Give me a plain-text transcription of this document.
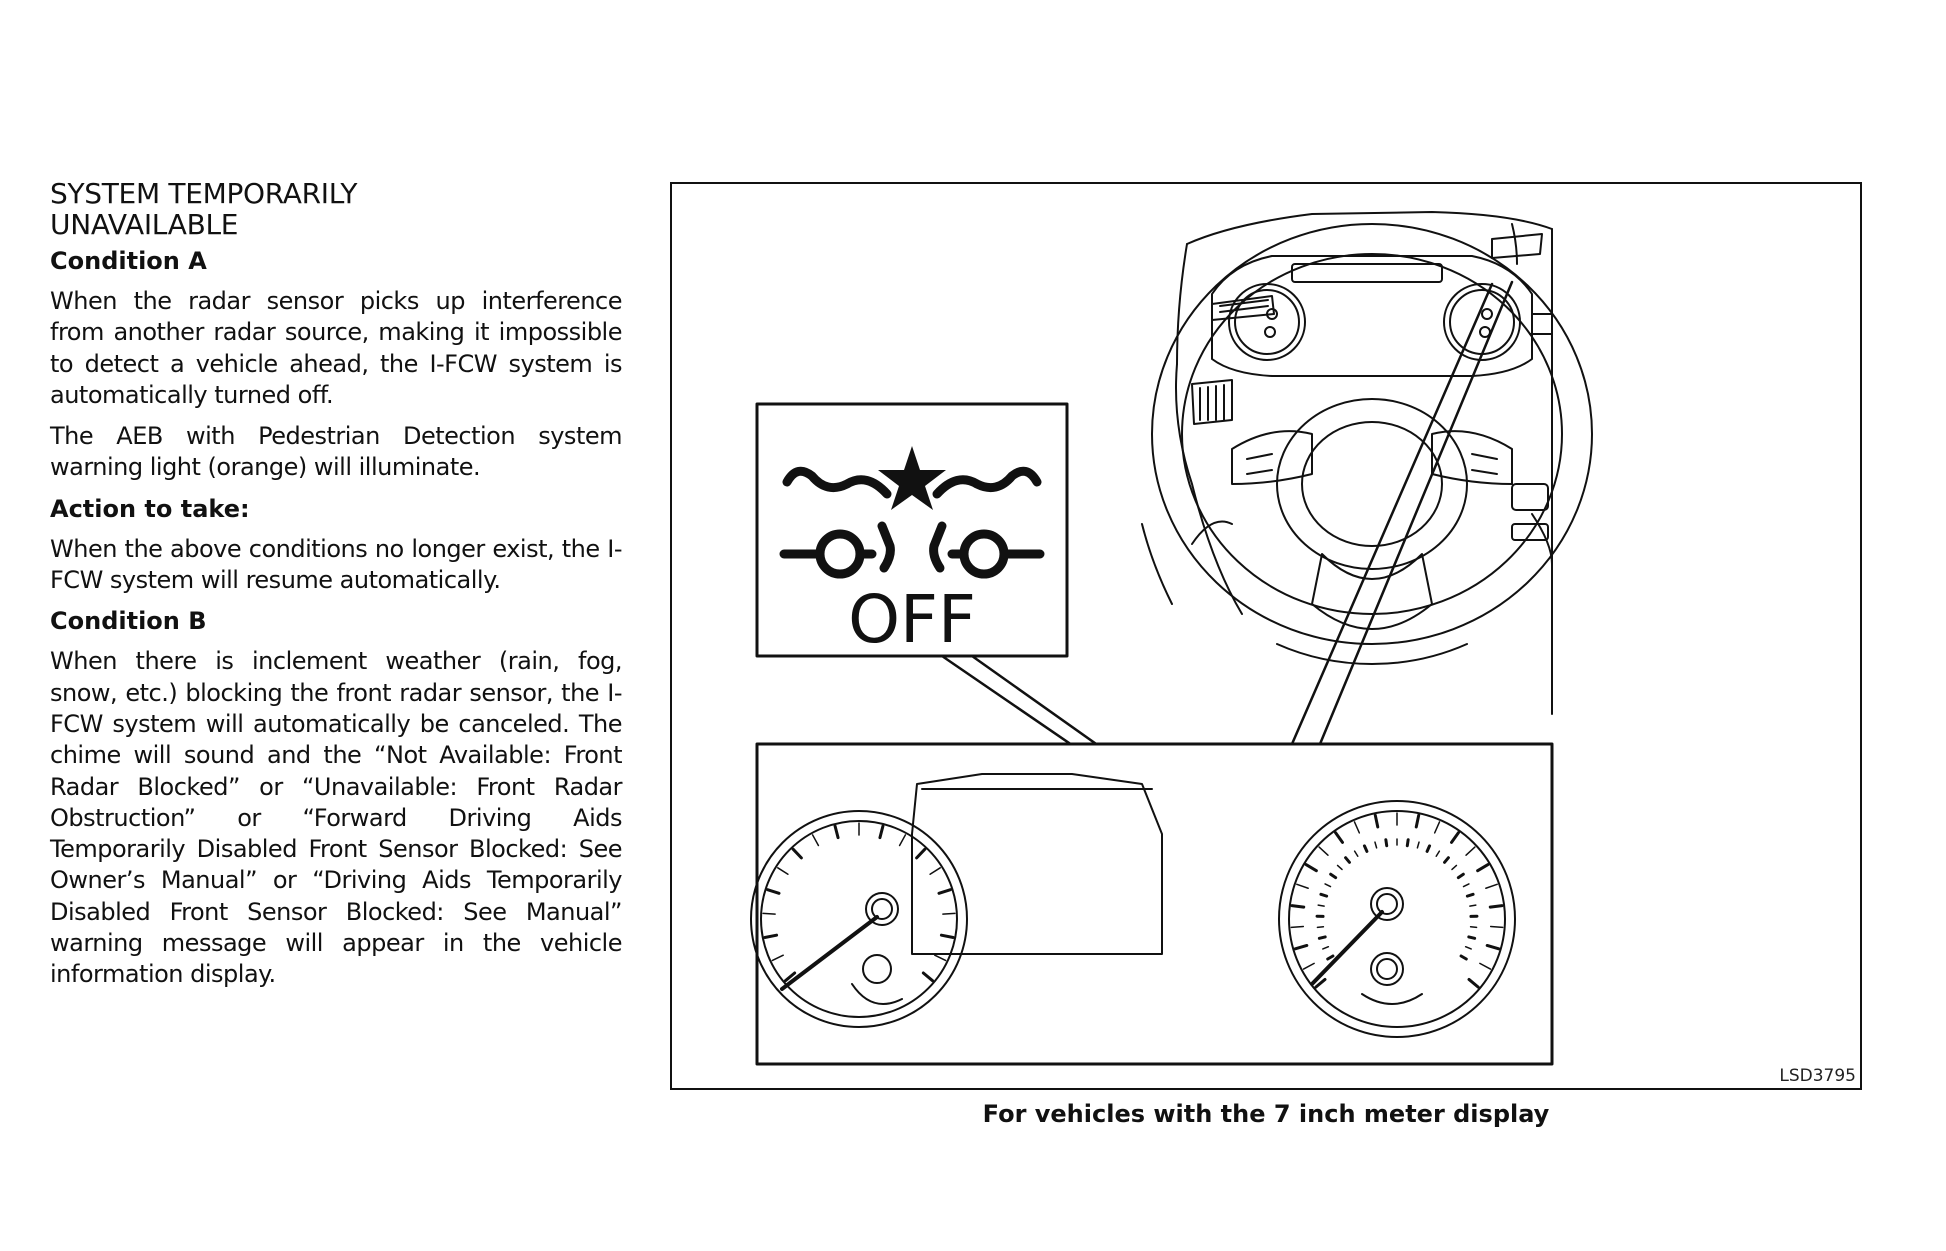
SYSTEM TEMPORARILY
UNAVAILABLE
Condition A

When the radar sensor picks up interference from another radar source, making it impossible to detect a vehicle ahead, the I-FCW system is automatically turned off.

The AEB with Pedestrian Detection system warning light (orange) will illuminate.

Action to take:

When the above conditions no longer exist, the I-FCW system will resume automatically.

Condition B

When there is inclement weather (rain, fog, snow, etc.) blocking the front radar sensor, the I-FCW system will automatically be canceled. The chime will sound and the “Not Available: Front Radar Blocked” or “Unavailable: Front Radar Obstruction” or “Forward Driving Aids Temporarily Disabled Front Sensor Blocked: See Owner’s Manual” or “Driving Aids Temporarily Disabled Front Sensor Blocked: See Manual” warning message will appear in the vehicle information display.

OFF
LSD3795
For vehicles with the 7 inch meter display
